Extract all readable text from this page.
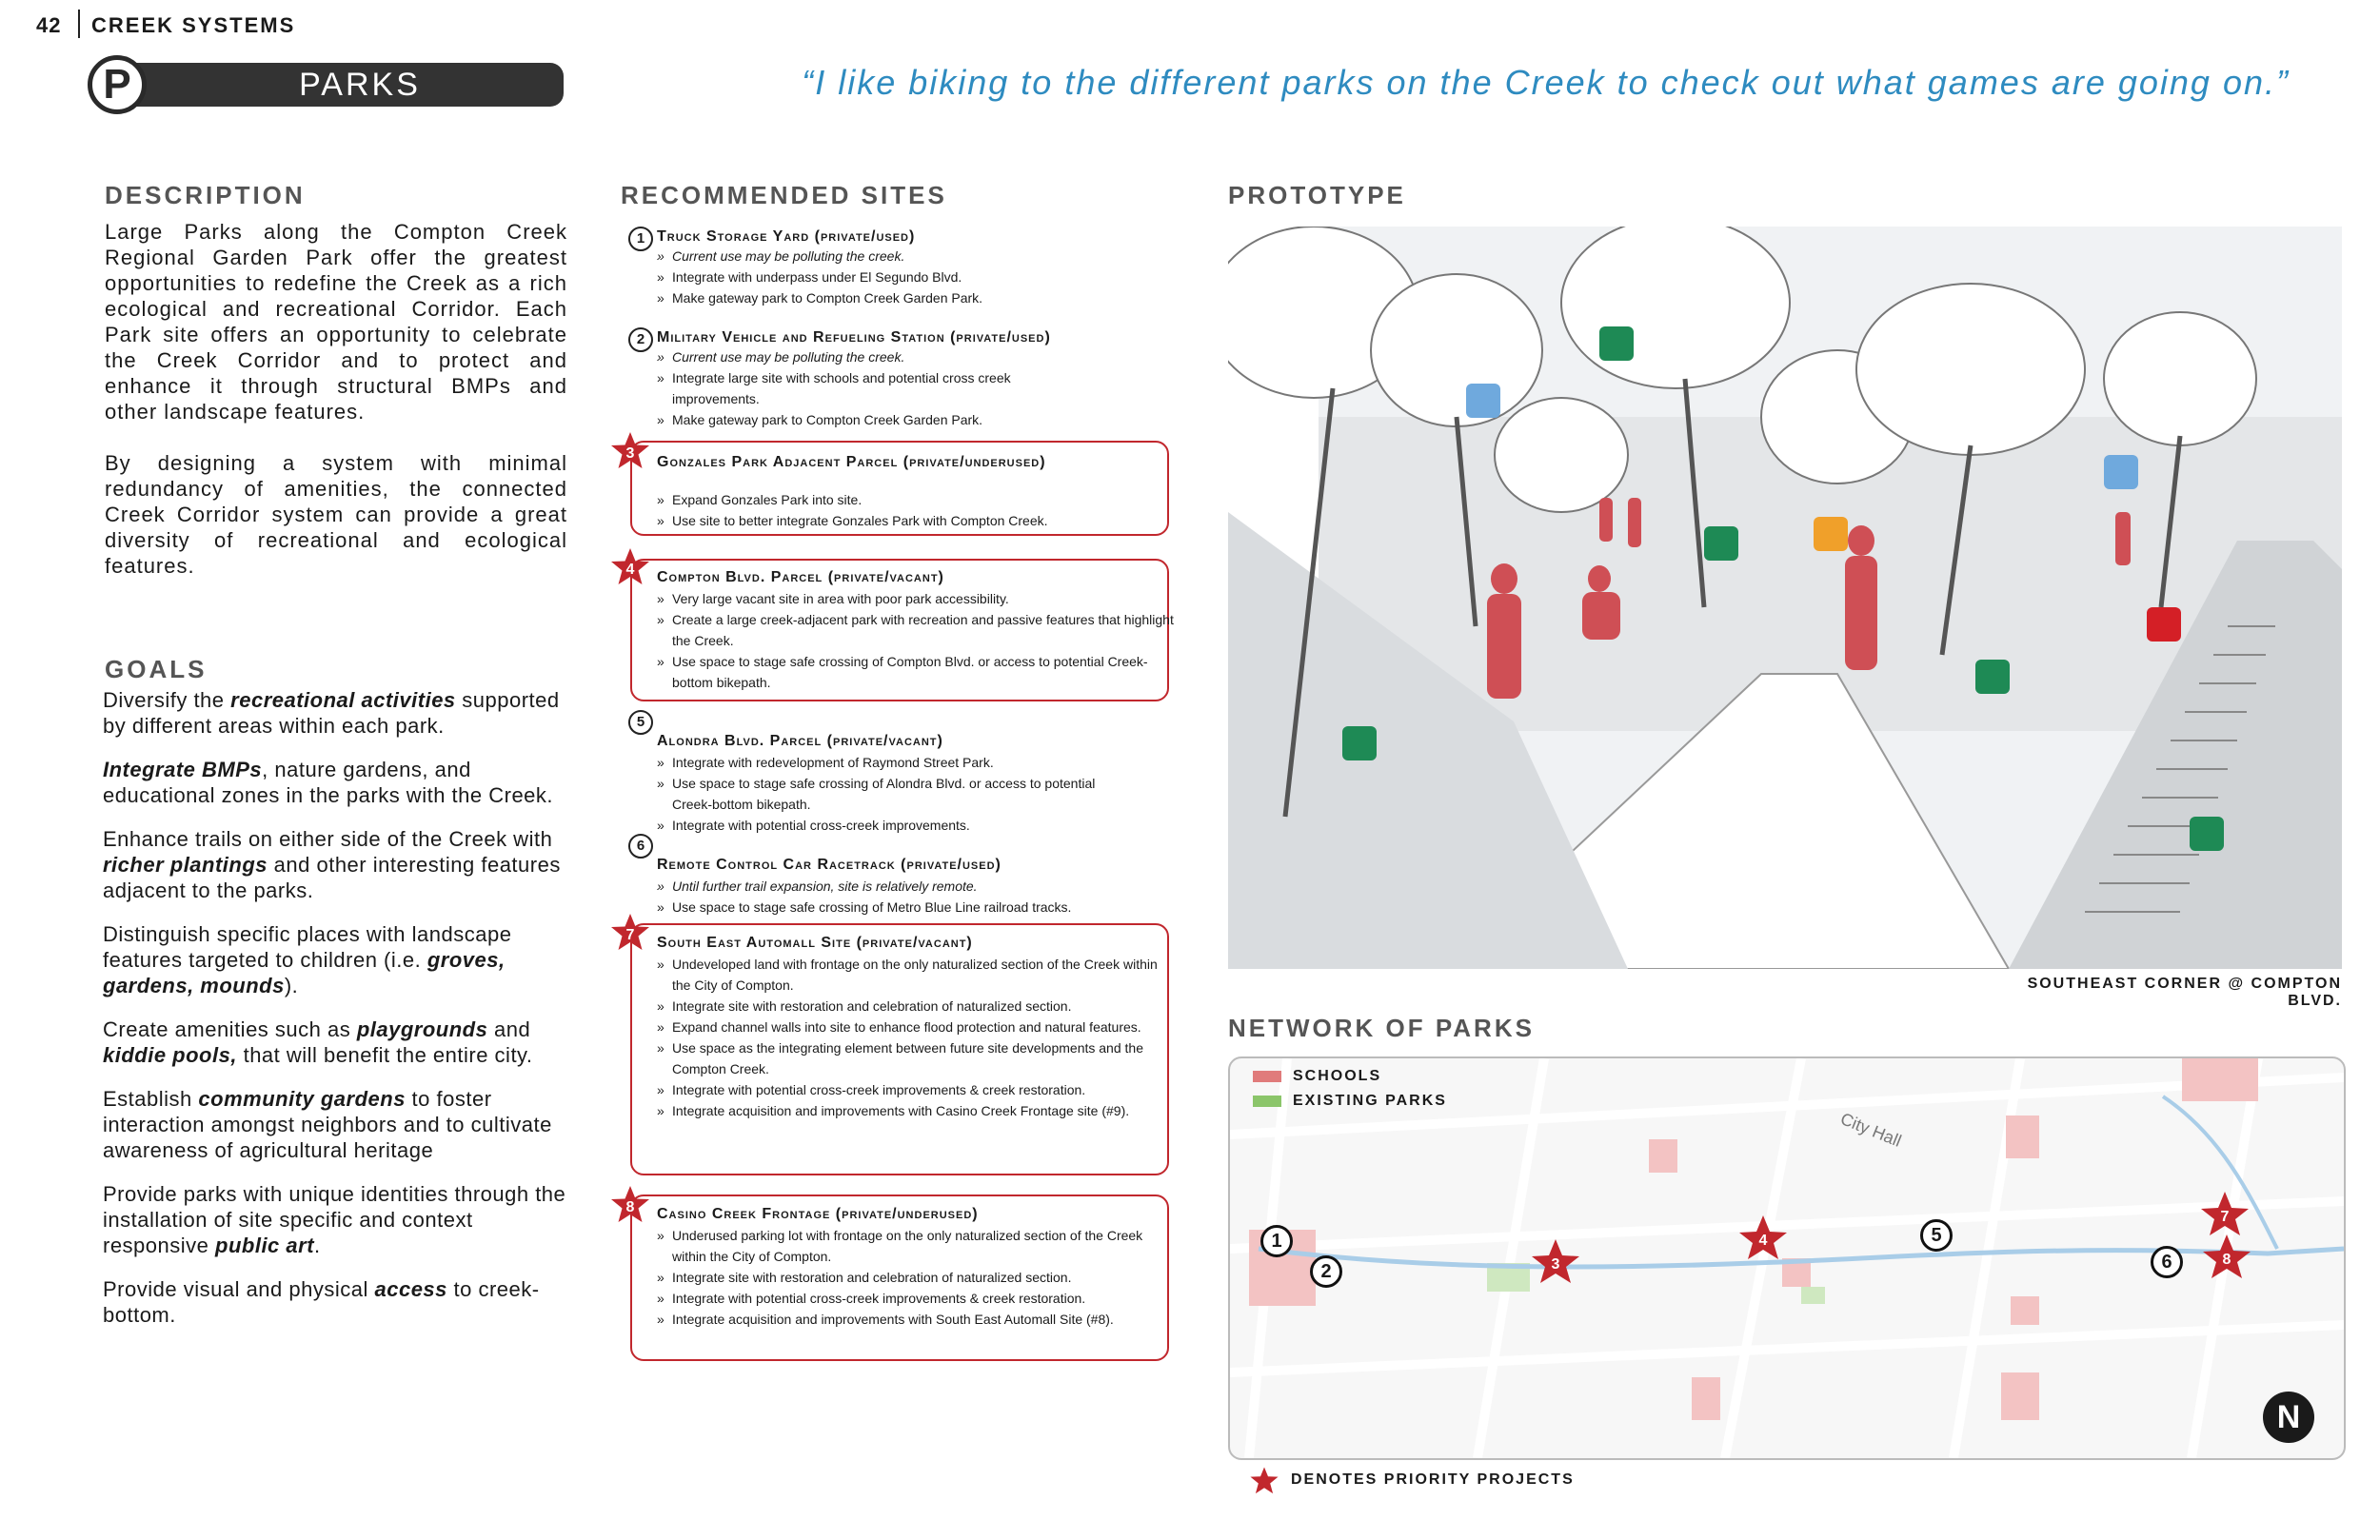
42 CREEK SYSTEMS
PARKS
P	“I like biking to the different parks on the Creek to check out what games are going on.”
DESCRIPTION

Large Parks along the Compton Creek Regional Garden Park offer the greatest opportunities to redefine the Creek as a rich ecological and recreational Corridor. Each Park site offers an opportunity to celebrate the Creek Corridor and to protect and enhance it through structural BMPs and other landscape features.

By designing a system with minimal redundancy of amenities, the connected Creek Corridor system can provide a great diversity of recreational and ecological features.

GOALS

Diversify the recreational activities supported by different areas within each park.

Integrate BMPs, nature gardens, and educational zones in the parks with the Creek.

Enhance trails on either side of the Creek with richer plantings and other interesting features adjacent to the parks.

Distinguish specific places with landscape features targeted to children (i.e. groves, gardens, mounds).

Create amenities such as playgrounds and kiddie pools, that will benefit the entire city.

Establish community gardens to foster interaction amongst neighbors and to cultivate awareness of agricultural heritage

Provide parks with unique identities through the installation of site specific and context responsive public art.

Provide visual and physical access to creek-bottom.

RECOMMENDED SITES
1 Truck Storage Yard (private/used)
» Current use may be polluting the creek.
» Integrate with underpass under El Segundo Blvd.
» Make gateway park to Compton Creek Garden Park.
2 Military Vehicle and Refueling Station (private/used)
» Current use may be polluting the creek.
» Integrate large site with schools and potential cross creek improvements.
» Make gateway park to Compton Creek Garden Park.
Gonzales Park Adjacent Parcel (private/underused)
» Expand Gonzales Park into site.
» Use site to better integrate Gonzales Park with Compton Creek.
Compton Blvd. Parcel (private/vacant)
» Very large vacant site in area with poor park accessibility.
» Create a large creek-adjacent park with recreation and passive features that highlight the Creek.
» Use space to stage safe crossing of Compton Blvd. or access to potential Creek-bottom bikepath.
5
Alondra Blvd. Parcel (private/vacant)
» Integrate with redevelopment of Raymond Street Park.
» Use space to stage safe crossing of Alondra Blvd. or access to potential Creek-bottom bikepath.
» Integrate with potential cross-creek improvements.
6
Remote Control Car Racetrack (private/used)
» Until further trail expansion, site is relatively remote.
» Use space to stage safe crossing of Metro Blue Line railroad tracks.
South East Automall Site (private/vacant)
» Undeveloped land with frontage on the only naturalized section of the Creek within the City of Compton.
» Integrate site with restoration and celebration of naturalized section.
» Expand channel walls into site to enhance flood protection and natural features.
» Use space as the integrating element between future site developments and the Compton Creek.
» Integrate with potential cross-creek improvements & creek restoration.
» Integrate acquisition and improvements with Casino Creek Frontage site (#9).
Casino Creek Frontage (private/underused)
» Underused parking lot with frontage on the only naturalized section of the Creek within the City of Compton.
» Integrate site with restoration and celebration of naturalized section.
» Integrate with potential cross-creek improvements & creek restoration.
» Integrate acquisition and improvements with South East Automall Site (#8).
3
4
7
8
PROTOTYPE
SOUTHEAST CORNER @ COMPTON BLVD.
NETWORK OF PARKS
City Hall
3
4
7
8
1
2
5
6
SCHOOLS
EXISTING PARKS
N
DENOTES PRIORITY PROJECTS
